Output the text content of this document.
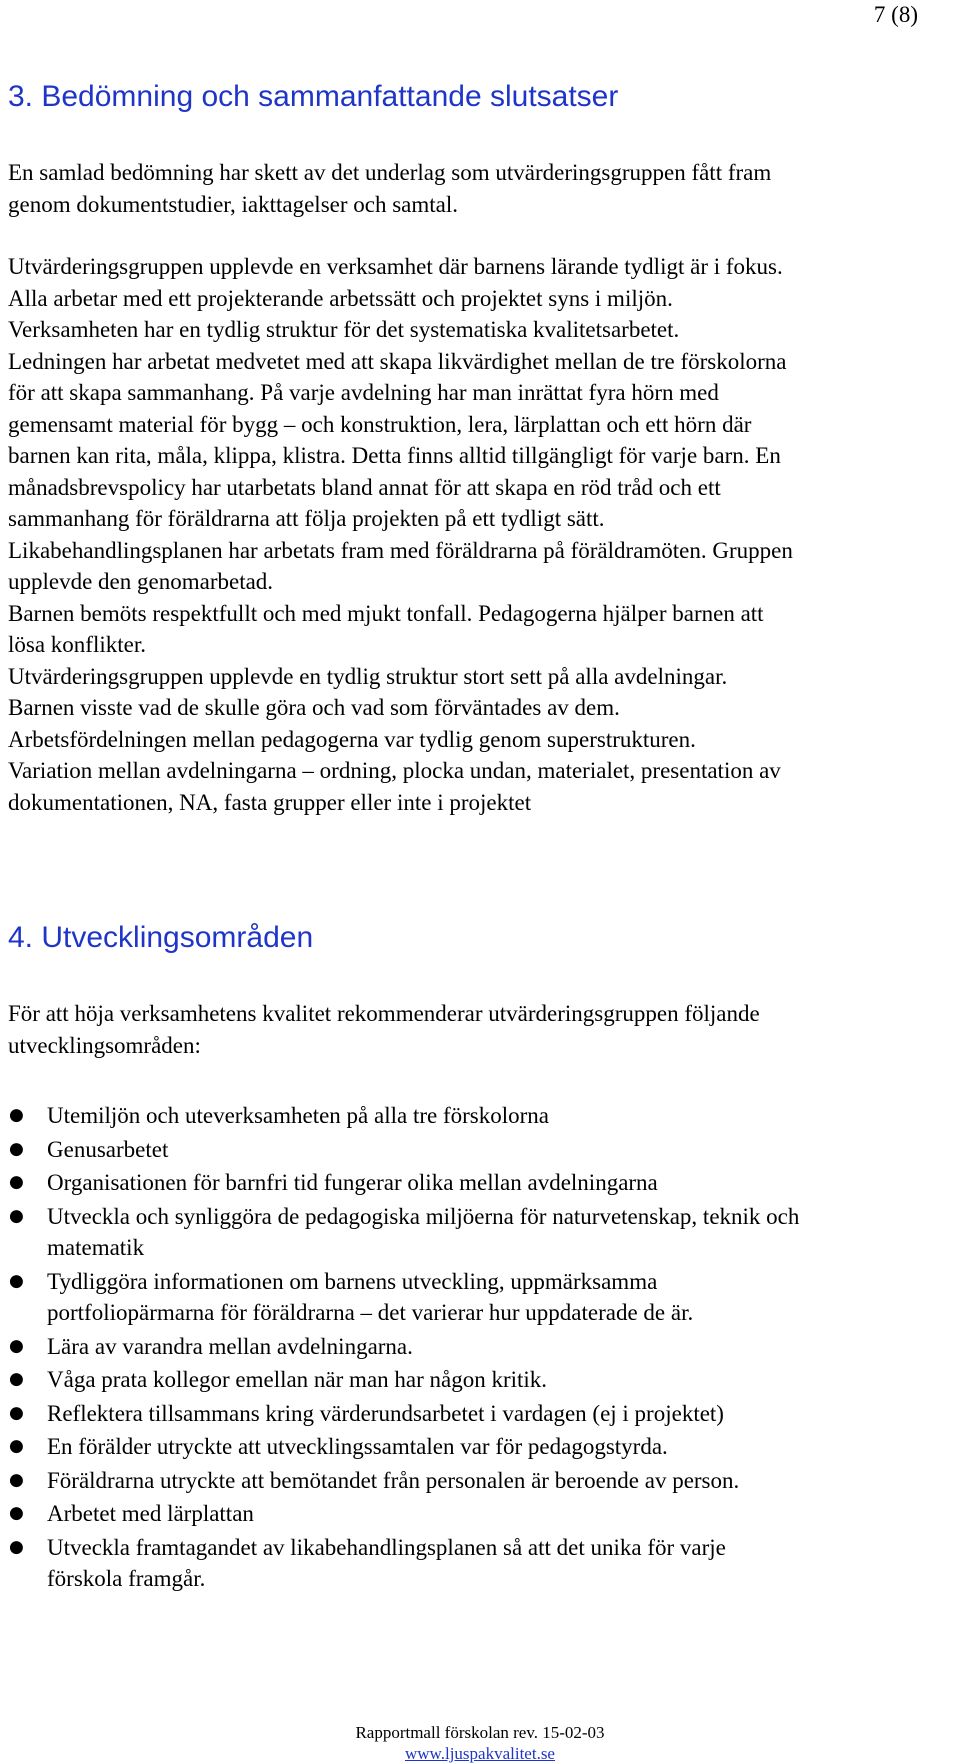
7 (8)
3. Bedömning och sammanfattande slutsatser

En samlad bedömning har skett av det underlag som utvärderingsgruppen fått fram
genom dokumentstudier, iakttagelser och samtal.

Utvärderingsgruppen upplevde en verksamhet där barnens lärande tydligt är i fokus.
Alla arbetar med ett projekterande arbetssätt och projektet syns i miljön.
Verksamheten har en tydlig struktur för det systematiska kvalitetsarbetet.
Ledningen har arbetat medvetet med att skapa likvärdighet mellan de tre förskolorna
för att skapa sammanhang. På varje avdelning har man inrättat fyra hörn med
gemensamt material för bygg – och konstruktion, lera, lärplattan och ett hörn där
barnen kan rita, måla, klippa, klistra. Detta finns alltid tillgängligt för varje barn. En
månadsbrevspolicy har utarbetats bland annat för att skapa en röd tråd och ett
sammanhang för föräldrarna att följa projekten på ett tydligt sätt.
Likabehandlingsplanen har arbetats fram med föräldrarna på föräldramöten. Gruppen
upplevde den genomarbetad.
Barnen bemöts respektfullt och med mjukt tonfall. Pedagogerna hjälper barnen att
lösa konflikter.
Utvärderingsgruppen upplevde en tydlig struktur stort sett på alla avdelningar.
Barnen visste vad de skulle göra och vad som förväntades av dem.
Arbetsfördelningen mellan pedagogerna var tydlig genom superstrukturen.
Variation mellan avdelningarna – ordning, plocka undan, materialet, presentation av
dokumentationen, NA, fasta grupper eller inte i projektet

4. Utvecklingsområden

För att höja verksamhetens kvalitet rekommenderar utvärderingsgruppen följande
utvecklingsområden:

● Utemiljön och uteverksamheten på alla tre förskolorna
● Genusarbetet
● Organisationen för barnfri tid fungerar olika mellan avdelningarna
● Utveckla och synliggöra de pedagogiska miljöerna för naturvetenskap, teknik och
matematik
● Tydliggöra informationen om barnens utveckling, uppmärksamma
portfoliopärmarna för föräldrarna – det varierar hur uppdaterade de är.
● Lära av varandra mellan avdelningarna.
● Våga prata kollegor emellan när man har någon kritik.
● Reflektera tillsammans kring värderundsarbetet i vardagen (ej i projektet)
● En förälder utryckte att utvecklingssamtalen var för pedagogstyrda.
● Föräldrarna utryckte att bemötandet från personalen är beroende av person.
● Arbetet med lärplattan
● Utveckla framtagandet av likabehandlingsplanen så att det unika för varje
förskola framgår.
Rapportmall förskolan rev. 15-02-03
www.ljuspakvalitet.se
